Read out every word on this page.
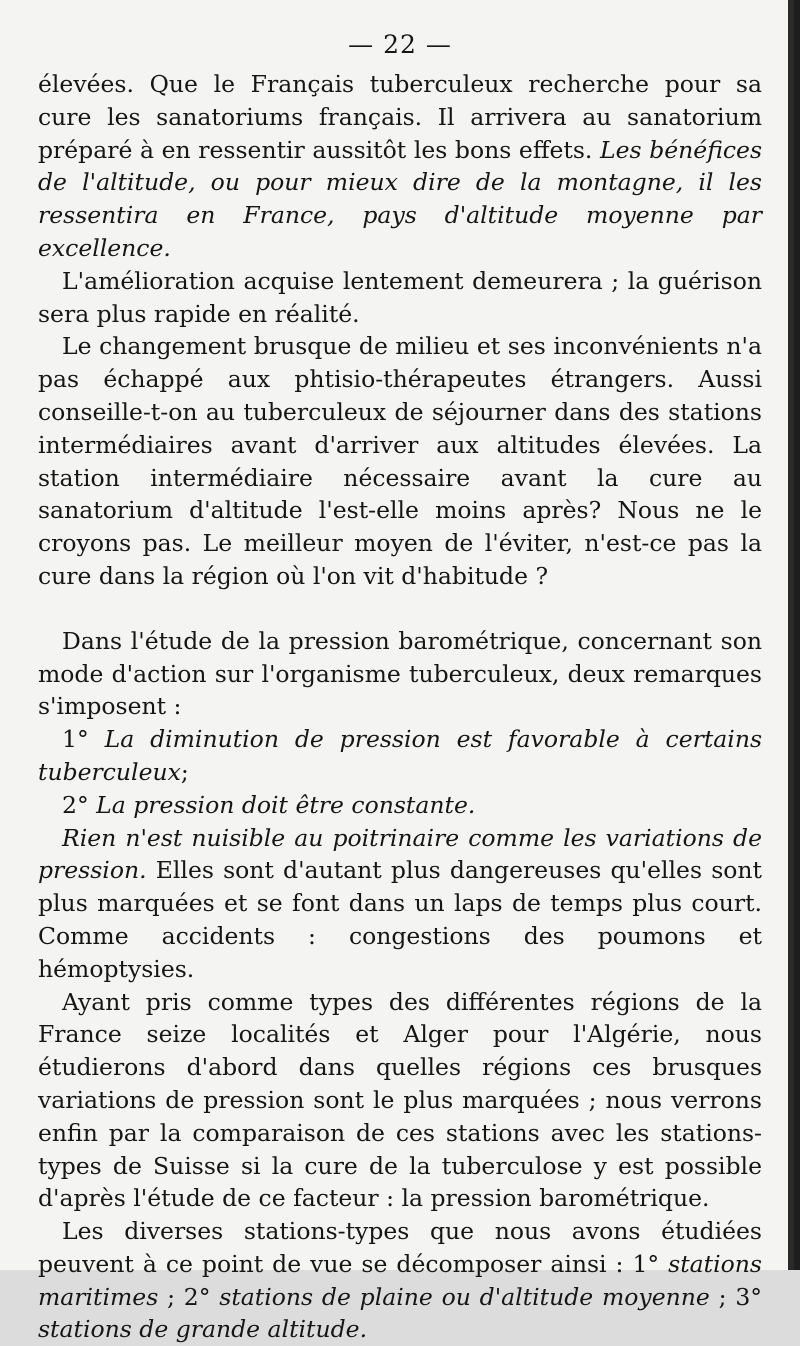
— 22 —

élevées. Que le Français tuberculeux recherche pour sa cure les sanatoriums français. Il arrivera au sanatorium préparé à en ressentir aussitôt les bons effets. Les bénéfices de l'altitude, ou pour mieux dire de la montagne, il les ressentira en France, pays d'altitude moyenne par excellence.

L'amélioration acquise lentement demeurera ; la guérison sera plus rapide en réalité.

Le changement brusque de milieu et ses inconvénients n'a pas échappé aux phtisio-thérapeutes étrangers. Aussi conseille-t-on au tuberculeux de séjourner dans des stations intermédiaires avant d'arriver aux altitudes élevées. La station intermédiaire nécessaire avant la cure au sanatorium d'altitude l'est-elle moins après? Nous ne le croyons pas. Le meilleur moyen de l'éviter, n'est-ce pas la cure dans la région où l'on vit d'habitude ?

Dans l'étude de la pression barométrique, concernant son mode d'action sur l'organisme tuberculeux, deux remarques s'imposent :

1° La diminution de pression est favorable à certains tuberculeux;

2° La pression doit être constante.

Rien n'est nuisible au poitrinaire comme les variations de pression. Elles sont d'autant plus dangereuses qu'elles sont plus marquées et se font dans un laps de temps plus court. Comme accidents : congestions des poumons et hémoptysies.

Ayant pris comme types des différentes régions de la France seize localités et Alger pour l'Algérie, nous étudierons d'abord dans quelles régions ces brusques variations de pression sont le plus marquées ; nous verrons enfin par la comparaison de ces stations avec les stations-types de Suisse si la cure de la tuberculose y est possible d'après l'étude de ce facteur : la pression barométrique.

Les diverses stations-types que nous avons étudiées peuvent à ce point de vue se décomposer ainsi : 1° stations maritimes ; 2° stations de plaine ou d'altitude moyenne ; 3° stations de grande altitude.
